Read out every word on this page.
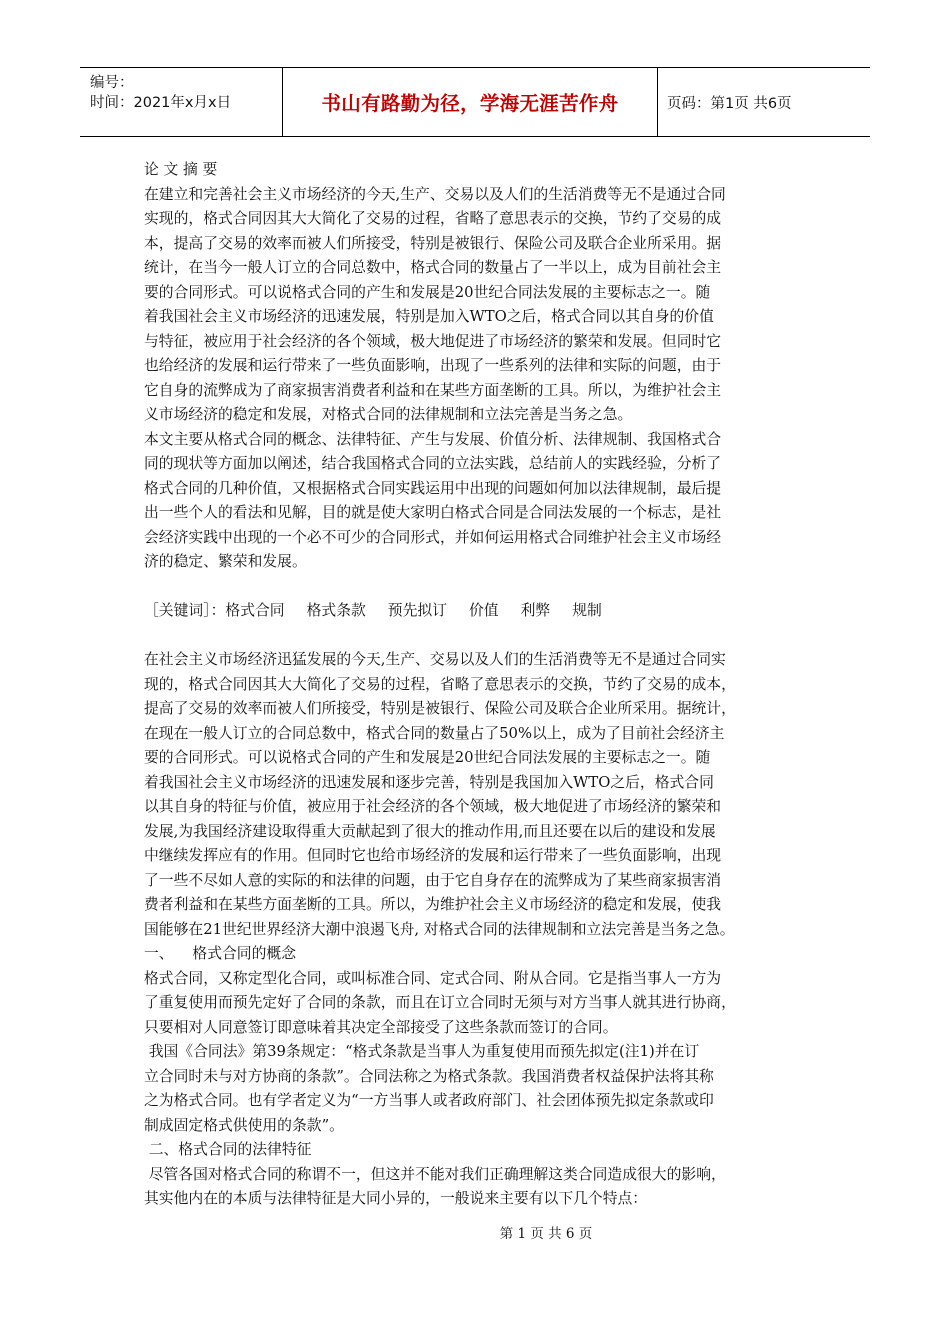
编号：
时间：2021年x月x日	书山有路勤为径，学海无涯苦作舟	页码：第1页 共6页

论 文 摘 要

在建立和完善社会主义市场经济的今天,生产、交易以及人们的生活消费等无不是通过合同

实现的，格式合同因其大大简化了交易的过程，省略了意思表示的交换，节约了交易的成

本，提高了交易的效率而被人们所接受，特别是被银行、保险公司及联合企业所采用。据

统计，在当今一般人订立的合同总数中，格式合同的数量占了一半以上，成为目前社会主

要的合同形式。可以说格式合同的产生和发展是20世纪合同法发展的主要标志之一。随

着我国社会主义市场经济的迅速发展，特别是加入WTO之后，格式合同以其自身的价值

与特征，被应用于社会经济的各个领域，极大地促进了市场经济的繁荣和发展。但同时它

也给经济的发展和运行带来了一些负面影响，出现了一些系列的法律和实际的问题，由于

它自身的流弊成为了商家损害消费者利益和在某些方面垄断的工具。所以，为维护社会主

义市场经济的稳定和发展，对格式合同的法律规制和立法完善是当务之急。

本文主要从格式合同的概念、法律特征、产生与发展、价值分析、法律规制、我国格式合

同的现状等方面加以阐述，结合我国格式合同的立法实践，总结前人的实践经验，分析了

格式合同的几种价值，又根据格式合同实践运用中出现的问题如何加以法律规制，最后提

出一些个人的看法和见解，目的就是使大家明白格式合同是合同法发展的一个标志，是社

会经济实践中出现的一个必不可少的合同形式，并如何运用格式合同维护社会主义市场经

济的稳定、繁荣和发展。

［关键词］：格式合同 格式条款 预先拟订 价值 利弊 规制

在社会主义市场经济迅猛发展的今天,生产、交易以及人们的生活消费等无不是通过合同实

现的，格式合同因其大大简化了交易的过程，省略了意思表示的交换，节约了交易的成本，

提高了交易的效率而被人们所接受，特别是被银行、保险公司及联合企业所采用。据统计，

在现在一般人订立的合同总数中，格式合同的数量占了50%以上，成为了目前社会经济主

要的合同形式。可以说格式合同的产生和发展是20世纪合同法发展的主要标志之一。随

着我国社会主义市场经济的迅速发展和逐步完善，特别是我国加入WTO之后，格式合同

以其自身的特征与价值，被应用于社会经济的各个领域，极大地促进了市场经济的繁荣和

发展,为我国经济建设取得重大贡献起到了很大的推动作用,而且还要在以后的建设和发展

中继续发挥应有的作用。但同时它也给市场经济的发展和运行带来了一些负面影响，出现

了一些不尽如人意的实际的和法律的问题，由于它自身存在的流弊成为了某些商家损害消

费者利益和在某些方面垄断的工具。所以，为维护社会主义市场经济的稳定和发展，使我

国能够在21世纪世界经济大潮中浪遏飞舟, 对格式合同的法律规制和立法完善是当务之急。

一、    格式合同的概念

格式合同，又称定型化合同，或叫标准合同、定式合同、附从合同。它是指当事人一方为

了重复使用而预先定好了合同的条款，而且在订立合同时无须与对方当事人就其进行协商，

只要相对人同意签订即意味着其决定全部接受了这些条款而签订的合同。

我国《合同法》第39条规定：“格式条款是当事人为重复使用而预先拟定(注1)并在订

立合同时未与对方协商的条款”。合同法称之为格式条款。我国消费者权益保护法将其称

之为格式合同。也有学者定义为“一方当事人或者政府部门、社会团体预先拟定条款或印

制成固定格式供使用的条款”。

二、格式合同的法律特征

尽管各国对格式合同的称谓不一，但这并不能对我们正确理解这类合同造成很大的影响，

其实他内在的本质与法律特征是大同小异的，一般说来主要有以下几个特点：

第 1 页 共 6 页
